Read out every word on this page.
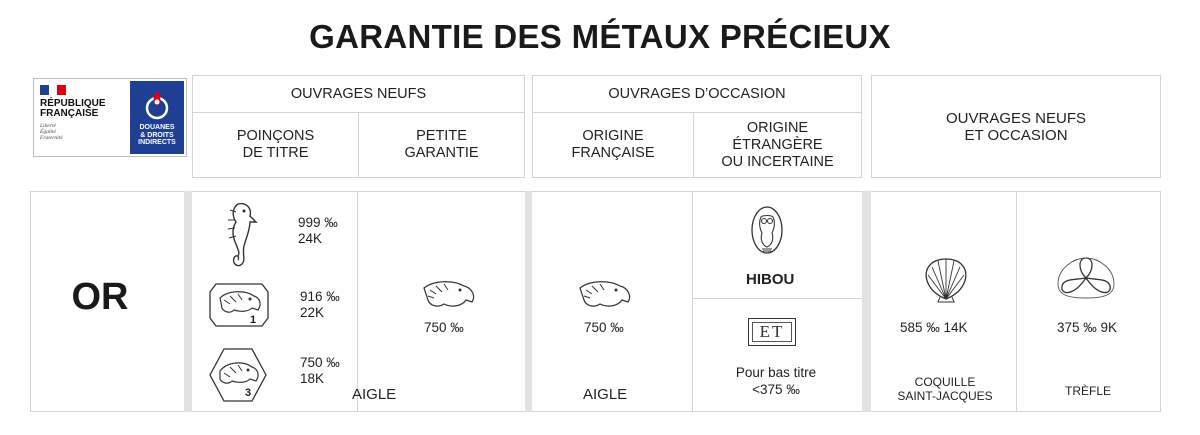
GARANTIE DES MÉTAUX PRÉCIEUX
RÉPUBLIQUE
FRANÇAISE
Liberté
Égalité
Fraternité
DOUANES
& DROITS
INDIRECTS
OUVRAGES NEUFS
POINÇONS
DE TITRE
PETITE
GARANTIE
OUVRAGES D’OCCASION
ORIGINE
FRANÇAISE
ORIGINE
ÉTRANGÈRE
OU INCERTAINE
OUVRAGES NEUFS
ET OCCASION
OR
999 ‰
24K
1
916 ‰
22K
3
750 ‰
18K
750 ‰
AIGLE
750 ‰
AIGLE
HIBOU
ET
Pour bas titre
<375 ‰
585 ‰ 14K
COQUILLE
SAINT-JACQUES
375 ‰ 9K
TRÈFLE
